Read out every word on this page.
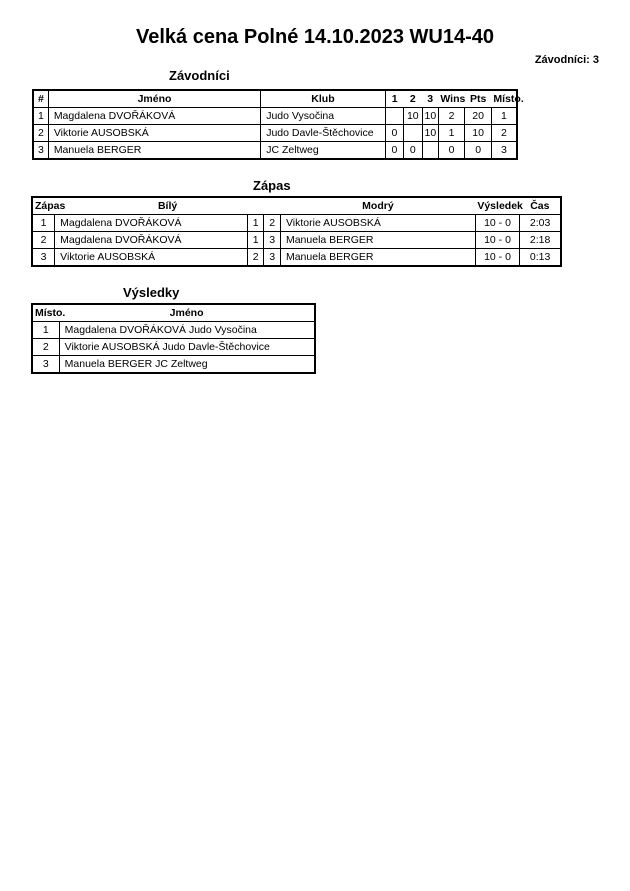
Velká cena Polné 14.10.2023 WU14-40
Závodníci: 3
Závodníci
#	Jméno	Klub	1	2	3	Wins	Pts	Místo.
1	Magdalena DVOŘÁKOVÁ	Judo Vysočina		10	10	2	20	1
2	Viktorie AUSOBSKÁ	Judo Davle-Štěchovice	0		10	1	10	2
3	Manuela BERGER	JC Zeltweg	0	0		0	0	3
Zápas
Zápas	Bílý			Modrý	Výsledek	Čas
1	Magdalena DVOŘÁKOVÁ	1	2	Viktorie AUSOBSKÁ	10 - 0	2:03
2	Magdalena DVOŘÁKOVÁ	1	3	Manuela BERGER	10 - 0	2:18
3	Viktorie AUSOBSKÁ	2	3	Manuela BERGER	10 - 0	0:13
Výsledky
Místo.	Jméno
1	Magdalena DVOŘÁKOVÁ Judo Vysočina
2	Viktorie AUSOBSKÁ Judo Davle-Štěchovice
3	Manuela BERGER JC Zeltweg
